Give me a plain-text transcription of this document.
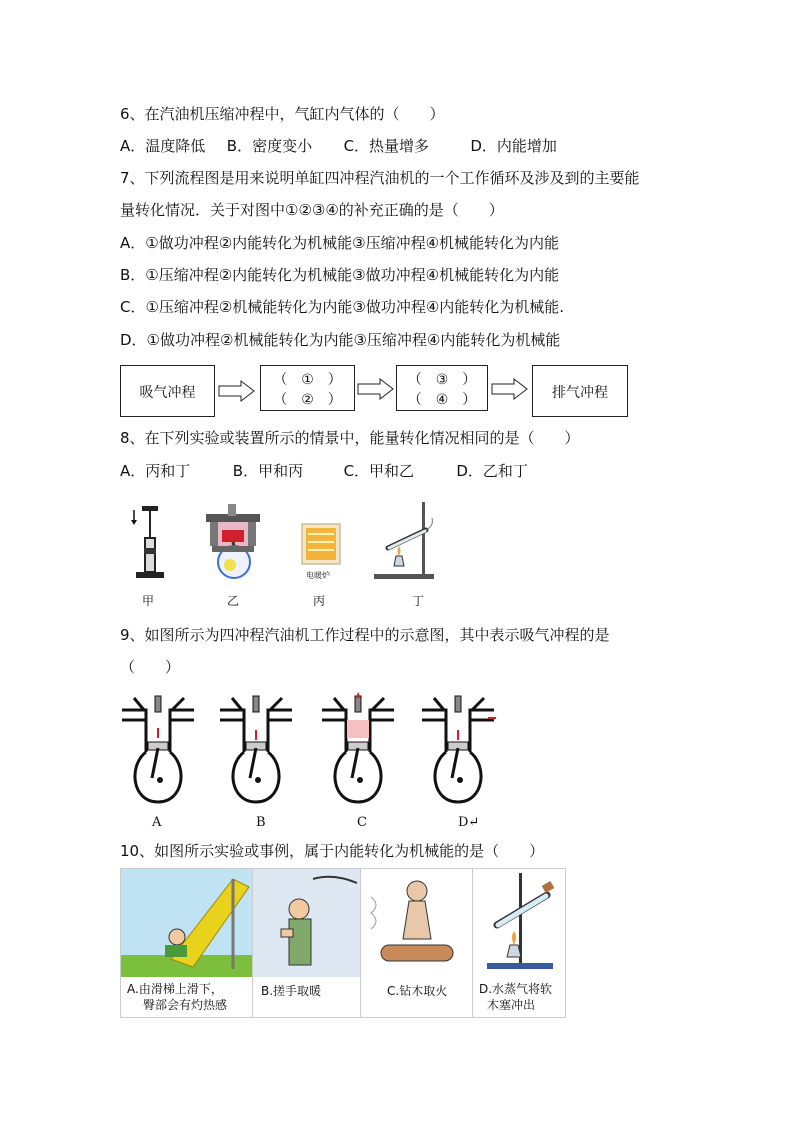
6、在汽油机压缩冲程中，气缸内气体的（　　）
A．温度降低 B．密度变小 C．热量增多	D．内能增加
7、下列流程图是用来说明单缸四冲程汽油机的一个工作循环及涉及到的主要能
量转化情况．关于对图中①②③④的补充正确的是（　　）
A．①做功冲程②内能转化为机械能③压缩冲程④机械能转化为内能
B．①压缩冲程②内能转化为机械能③做功冲程④机械能转化为内能
C．①压缩冲程②机械能转化为内能③做功冲程④内能转化为机械能.
D．①做功冲程②机械能转化为内能③压缩冲程④内能转化为机械能
吸气冲程
（　①　）
（　②　）
（　③　）
（　④　）	排气冲程
8、在下列实验或装置所示的情景中，能量转化情况相同的是（　　）
A．丙和丁	B．甲和丙	C．甲和乙	D．乙和丁
甲	乙
电暖炉
丙	丁
9、如图所示为四冲程汽油机工作过程中的示意图，其中表示吸气冲程的是
（　　）
A	B	C	D↵
10、如图所示实验或事例，属于内能转化为机械能的是（　　）
A.由滑梯上滑下，
臀部会有灼热感
B.搓手取暖	C.钻木取火	D.水蒸气将软
木塞冲出
